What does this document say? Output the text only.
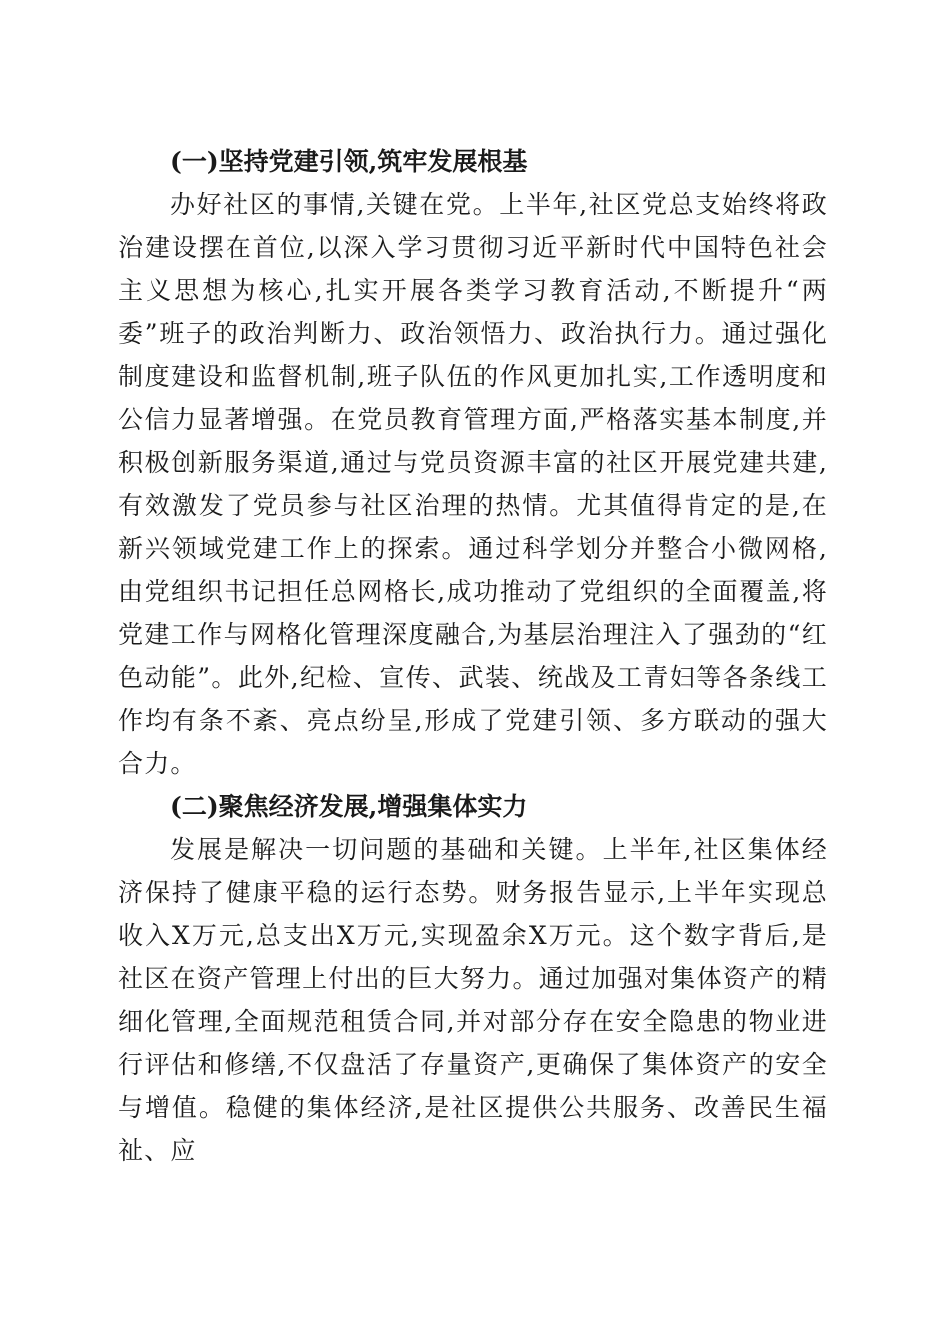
(一)坚持党建引领,筑牢发展根基

办好社区的事情,关键在党。上半年,社区党总支始终将政治建设摆在首位,以深入学习贯彻习近平新时代中国特色社会主义思想为核心,扎实开展各类学习教育活动,不断提升“两委”班子的政治判断力、政治领悟力、政治执行力。通过强化制度建设和监督机制,班子队伍的作风更加扎实,工作透明度和公信力显著增强。在党员教育管理方面,严格落实基本制度,并积极创新服务渠道,通过与党员资源丰富的社区开展党建共建,有效激发了党员参与社区治理的热情。尤其值得肯定的是,在新兴领域党建工作上的探索。通过科学划分并整合小微网格,由党组织书记担任总网格长,成功推动了党组织的全面覆盖,将党建工作与网格化管理深度融合,为基层治理注入了强劲的“红色动能”。此外,纪检、宣传、武装、统战及工青妇等各条线工作均有条不紊、亮点纷呈,形成了党建引领、多方联动的强大合力。

(二)聚焦经济发展,增强集体实力

发展是解决一切问题的基础和关键。上半年,社区集体经济保持了健康平稳的运行态势。财务报告显示,上半年实现总收入X万元,总支出X万元,实现盈余X万元。这个数字背后,是社区在资产管理上付出的巨大努力。通过加强对集体资产的精细化管理,全面规范租赁合同,并对部分存在安全隐患的物业进行评估和修缮,不仅盘活了存量资产,更确保了集体资产的安全与增值。稳健的集体经济,是社区提供公共服务、改善民生福祉、应
